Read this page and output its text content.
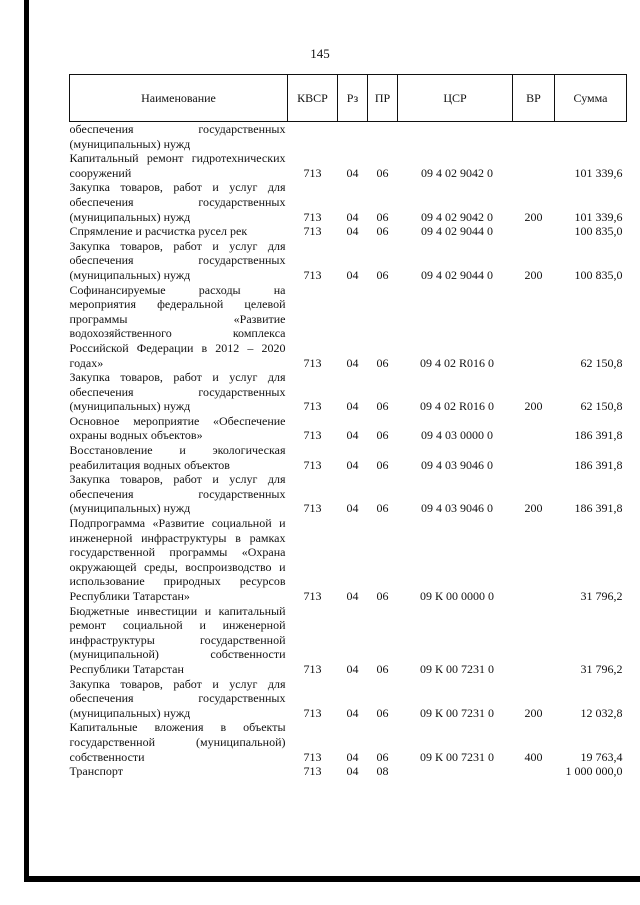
145
Наименование	КВСР	Рз	ПР	ЦСР	ВР	Сумма

обеспечения государственных (муниципальных) нужд						

Капитальный ремонт гидротехнических сооружений	713	04	06	09 4 02 9042 0		101 339,6

Закупка товаров, работ и услуг для обеспечения государственных (муниципальных) нужд	713	04	06	09 4 02 9042 0	200	101 339,6

Спрямление и расчистка русел рек	713	04	06	09 4 02 9044 0		100 835,0

Закупка товаров, работ и услуг для обеспечения государственных (муниципальных) нужд	713	04	06	09 4 02 9044 0	200	100 835,0

Софинансируемые расходы на мероприятия федеральной целевой программы «Развитие водохозяйственного комплекса Российской Федерации в 2012 – 2020 годах»	713	04	06	09 4 02 R016 0		62 150,8

Закупка товаров, работ и услуг для обеспечения государственных (муниципальных) нужд	713	04	06	09 4 02 R016 0	200	62 150,8

Основное мероприятие «Обеспечение охраны водных объектов»	713	04	06	09 4 03 0000 0		186 391,8

Восстановление и экологическая реабилитация водных объектов	713	04	06	09 4 03 9046 0		186 391,8

Закупка товаров, работ и услуг для обеспечения государственных (муниципальных) нужд	713	04	06	09 4 03 9046 0	200	186 391,8

Подпрограмма «Развитие социальной и инженерной инфраструктуры в рамках государственной программы «Охрана окружающей среды, воспроизводство и использование природных ресурсов Республики Татарстан»	713	04	06	09 К 00 0000 0		31 796,2

Бюджетные инвестиции и капитальный ремонт социальной и инженерной инфраструктуры государственной (муниципальной) собственности Республики Татарстан	713	04	06	09 К 00 7231 0		31 796,2

Закупка товаров, работ и услуг для обеспечения государственных (муниципальных) нужд	713	04	06	09 К 00 7231 0	200	12 032,8

Капитальные вложения в объекты государственной (муниципальной) собственности	713	04	06	09 К 00 7231 0	400	19 763,4

Транспорт	713	04	08			1 000 000,0
